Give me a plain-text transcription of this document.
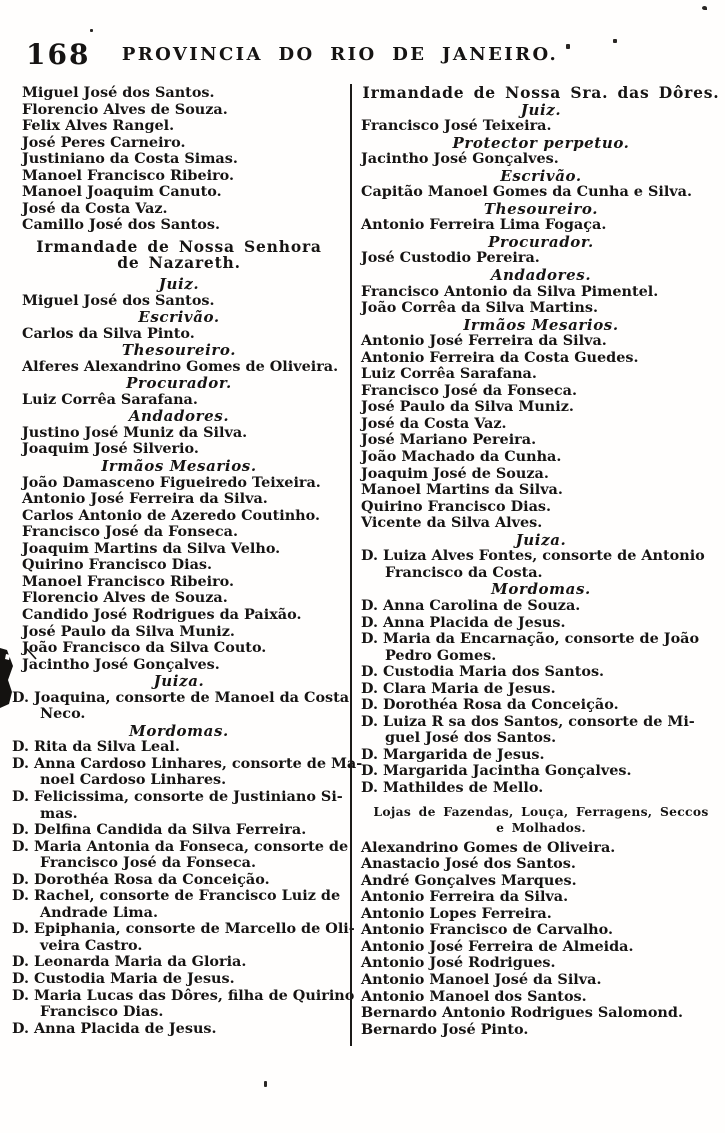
168	PROVINCIA DO RIO DE JANEIRO.
Miguel José dos Santos.
Florencio Alves de Souza.
Felix Alves Rangel.
José Peres Carneiro.
Justiniano da Costa Simas.
Manoel Francisco Ribeiro.
Manoel Joaquim Canuto.
José da Costa Vaz.
Camillo José dos Santos.
Irmandade de Nossa Senhora
de Nazareth.
Juiz.
Miguel José dos Santos.
Escrivão.
Carlos da Silva Pinto.
Thesoureiro.
Alferes Alexandrino Gomes de Oliveira.
Procurador.
Luiz Corrêa Sarafana.
Andadores.
Justino José Muniz da Silva.
Joaquim José Silverio.
Irmãos Mesarios.
João Damasceno Figueiredo Teixeira.
Antonio José Ferreira da Silva.
Carlos Antonio de Azeredo Coutinho.
Francisco José da Fonseca.
Joaquim Martins da Silva Velho.
Quirino Francisco Dias.
Manoel Francisco Ribeiro.
Florencio Alves de Souza.
Candido José Rodrigues da Paixão.
José Paulo da Silva Muniz.
João Francisco da Silva Couto.
Jacintho José Gonçalves.
Juiza.
D. Joaquina, consorte de Manoel da Costa
Neco.
Mordomas.
D. Rita da Silva Leal.
D. Anna Cardoso Linhares, consorte de Ma-
noel Cardoso Linhares.
D. Felicissima, consorte de Justiniano Si-
mas.
D. Delfina Candida da Silva Ferreira.
D. Maria Antonia da Fonseca, consorte de
Francisco José da Fonseca.
D. Dorothéa Rosa da Conceição.
D. Rachel, consorte de Francisco Luiz de
Andrade Lima.
D. Epiphania, consorte de Marcello de Oli-
veira Castro.
D. Leonarda Maria da Gloria.
D. Custodia Maria de Jesus.
D. Maria Lucas das Dôres, filha de Quirino
Francisco Dias.
D. Anna Placida de Jesus.
Irmandade de Nossa Sra. das Dôres.
Juiz.
Francisco José Teixeira.
Protector perpetuo.
Jacintho José Gonçalves.
Escrivão.
Capitão Manoel Gomes da Cunha e Silva.
Thesoureiro.
Antonio Ferreira Lima Fogaça.
Procurador.
José Custodio Pereira.
Andadores.
Francisco Antonio da Silva Pimentel.
João Corrêa da Silva Martins.
Irmãos Mesarios.
Antonio José Ferreira da Silva.
Antonio Ferreira da Costa Guedes.
Luiz Corrêa Sarafana.
Francisco José da Fonseca.
José Paulo da Silva Muniz.
José da Costa Vaz.
José Mariano Pereira.
João Machado da Cunha.
Joaquim José de Souza.
Manoel Martins da Silva.
Quirino Francisco Dias.
Vicente da Silva Alves.
Juiza.
D. Luiza Alves Fontes, consorte de Antonio
Francisco da Costa.
Mordomas.
D. Anna Carolina de Souza.
D. Anna Placida de Jesus.
D. Maria da Encarnação, consorte de João
Pedro Gomes.
D. Custodia Maria dos Santos.
D. Clara Maria de Jesus.
D. Dorothéa Rosa da Conceição.
D. Luiza R sa dos Santos, consorte de Mi-
guel José dos Santos.
D. Margarida de Jesus.
D. Margarida Jacintha Gonçalves.
D. Mathildes de Mello.
Lojas de Fazendas, Louça, Ferragens, Seccos
e Molhados.
Alexandrino Gomes de Oliveira.
Anastacio José dos Santos.
André Gonçalves Marques.
Antonio Ferreira da Silva.
Antonio Lopes Ferreira.
Antonio Francisco de Carvalho.
Antonio José Ferreira de Almeida.
Antonio José Rodrigues.
Antonio Manoel José da Silva.
Antonio Manoel dos Santos.
Bernardo Antonio Rodrigues Salomond.
Bernardo José Pinto.
